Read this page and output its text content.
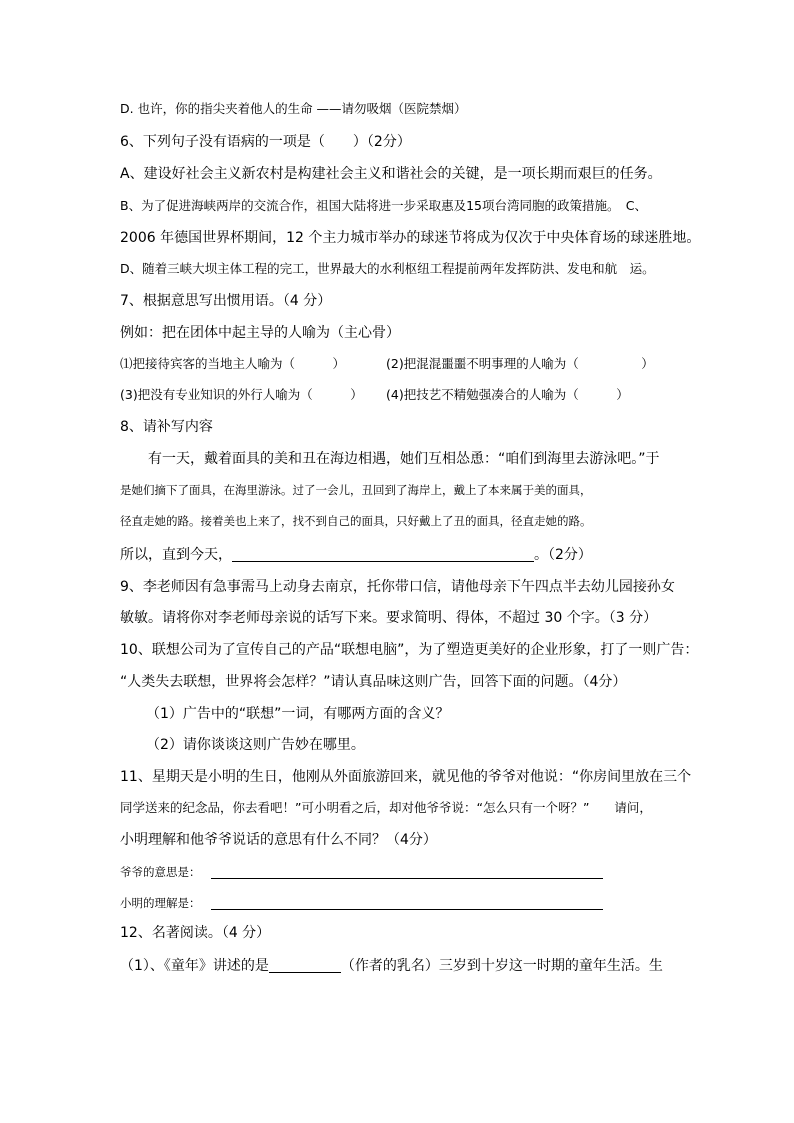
D. 也许，你的指尖夹着他人的生命 ——请勿吸烟（医院禁烟）
6、下列句子没有语病的一项是（　　）（2分）
A、建设好社会主义新农村是构建社会主义和谐社会的关键，是一项长期而艰巨的任务。
B、为了促进海峡两岸的交流合作，祖国大陆将进一步采取惠及15项台湾同胞的政策措施。　C、
2006 年德国世界杯期间，12 个主力城市举办的球迷节将成为仅次于中央体育场的球迷胜地。
D、随着三峡大坝主体工程的完工，世界最大的水利枢纽工程提前两年发挥防洪、发电和航　运。
7、根据意思写出惯用语。（4 分）
例如：把在团体中起主导的人喻为（主心骨）
⑴把接待宾客的当地主人喻为（　　　）	(2)把混混噩噩不明事理的人喻为（　　　　　）
(3)把没有专业知识的外行人喻为（　　　） (4)把技艺不精勉强凑合的人喻为（　　　）
8、请补写内容
有一天，戴着面具的美和丑在海边相遇，她们互相怂恿：“咱们到海里去游泳吧。”于
是她们摘下了面具，在海里游泳。过了一会儿，丑回到了海岸上，戴上了本来属于美的面具，
径直走她的路。接着美也上来了，找不到自己的面具，只好戴上了丑的面具，径直走她的路。
所以，直到今天，	。（2分）
9、李老师因有急事需马上动身去南京，托你带口信，请他母亲下午四点半去幼儿园接孙女
敏敏。请将你对李老师母亲说的话写下来。要求简明、得体，不超过 30 个字。（3 分）
10、联想公司为了宣传自己的产品“联想电脑”，为了塑造更美好的企业形象，打了一则广告：
“人类失去联想，世界将会怎样？”请认真品味这则广告，回答下面的问题。（4分）
（1）广告中的“联想”一词，有哪两方面的含义？
（2）请你谈谈这则广告妙在哪里。
11、星期天是小明的生日，他刚从外面旅游回来，就见他的爷爷对他说：“你房间里放在三个
同学送来的纪念品，你去看吧！”可小明看之后，却对他爷爷说：“怎么只有一个呀？”　　请问，
小明理解和他爷爷说话的意思有什么不同？（4分）
爷爷的意思是：
小明的理解是：
12、名著阅读。（4 分）
（1）、《童年》讲述的是	（作者的乳名）三岁到十岁这一时期的童年生活。生
